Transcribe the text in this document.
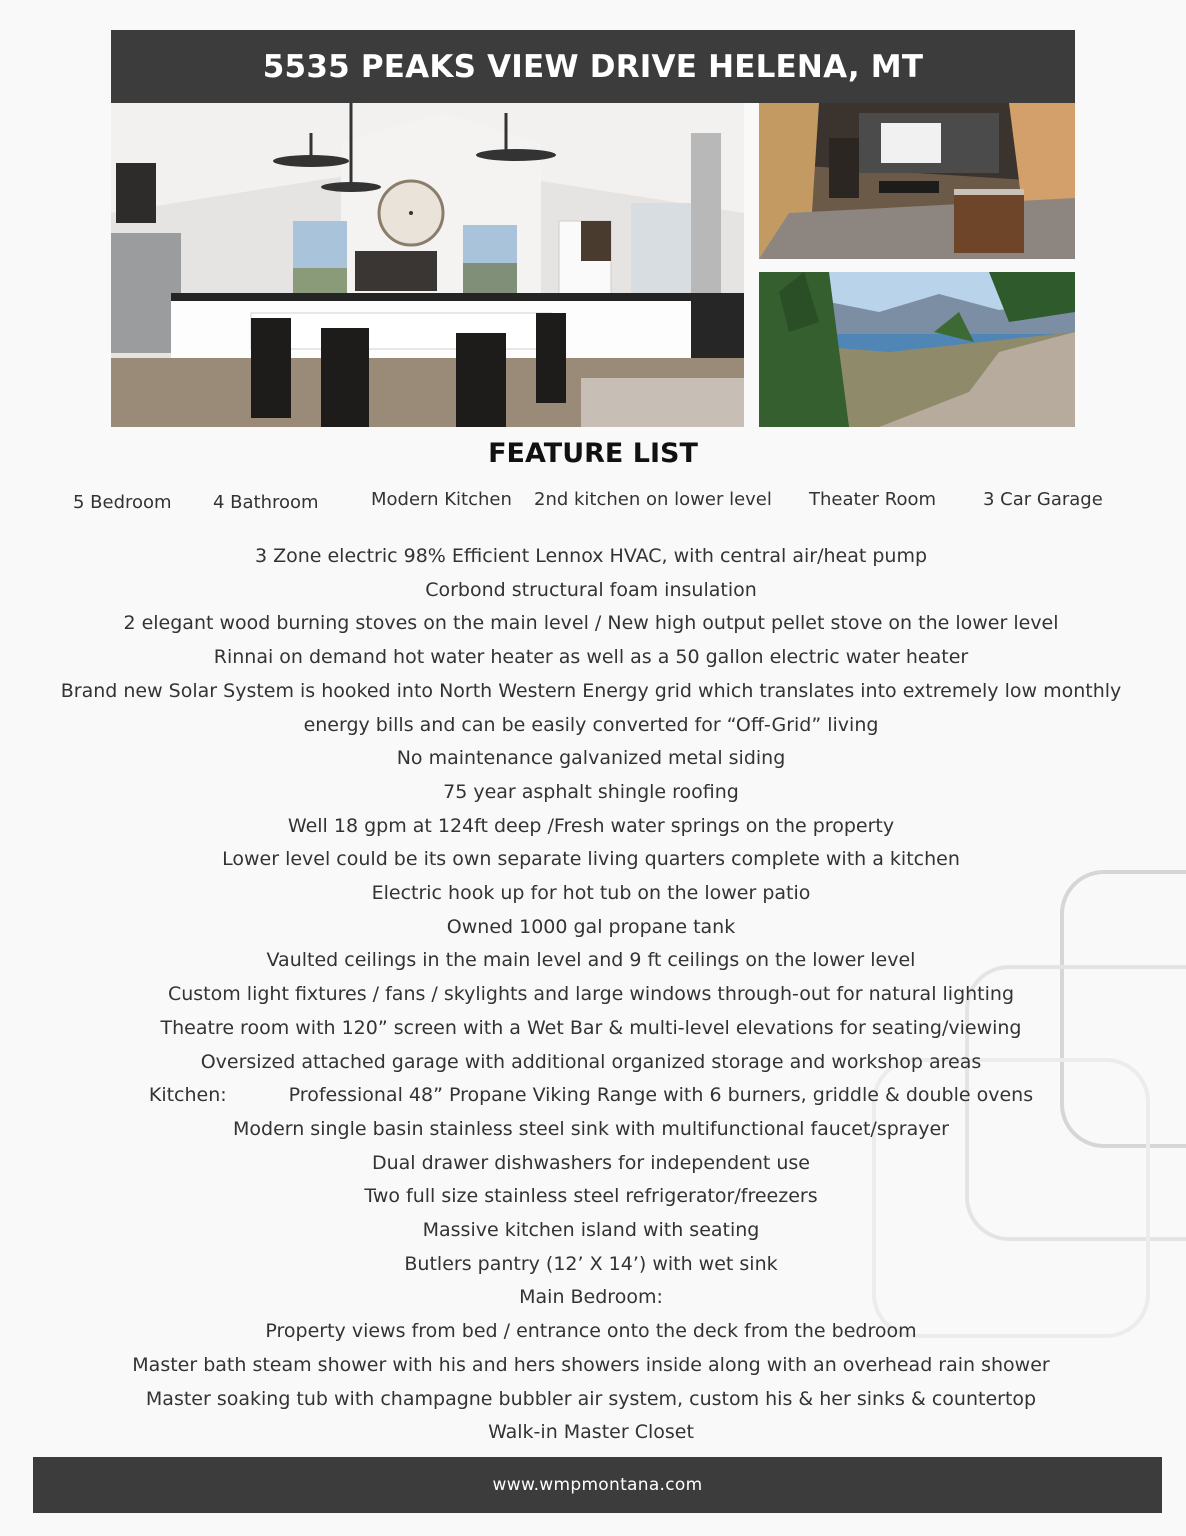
5535 PEAKS VIEW DRIVE HELENA, MT
FEATURE LIST
5 Bedroom 4 Bathroom	Modern Kitchen 2nd kitchen on lower level Theater Room	3 Car Garage
3 Zone electric 98% Efficient Lennox HVAC, with central air/heat pump
Corbond structural foam insulation
2 elegant wood burning stoves on the main level / New high output pellet stove on the lower level
Rinnai on demand hot water heater as well as a 50 gallon electric water heater
Brand new Solar System is hooked into North Western Energy grid which translates into extremely low monthly energy bills and can be easily converted for “Off-Grid” living
No maintenance galvanized metal siding
75 year asphalt shingle roofing
Well 18 gpm at 124ft deep /Fresh water springs on the property
Lower level could be its own separate living quarters complete with a kitchen
Electric hook up for hot tub on the lower patio
Owned 1000 gal propane tank
Vaulted ceilings in the main level and 9 ft ceilings on the lower level
Custom light fixtures / fans / skylights and large windows through-out for natural lighting
Theatre room with 120” screen with a Wet Bar & multi-level elevations for seating/viewing
Oversized attached garage with additional organized storage and workshop areas
Kitchen:	Professional 48” Propane Viking Range with 6 burners, griddle & double ovens
Modern single basin stainless steel sink with multifunctional faucet/sprayer
Dual drawer dishwashers for independent use
Two full size stainless steel refrigerator/freezers
Massive kitchen island with seating
Butlers pantry (12’ X 14’) with wet sink
Main Bedroom:
Property views from bed / entrance onto the deck from the bedroom
Master bath steam shower with his and hers showers inside along with an overhead rain shower
Master soaking tub with champagne bubbler air system, custom his & her sinks & countertop
Walk-in Master Closet
www.wmpmontana.com
